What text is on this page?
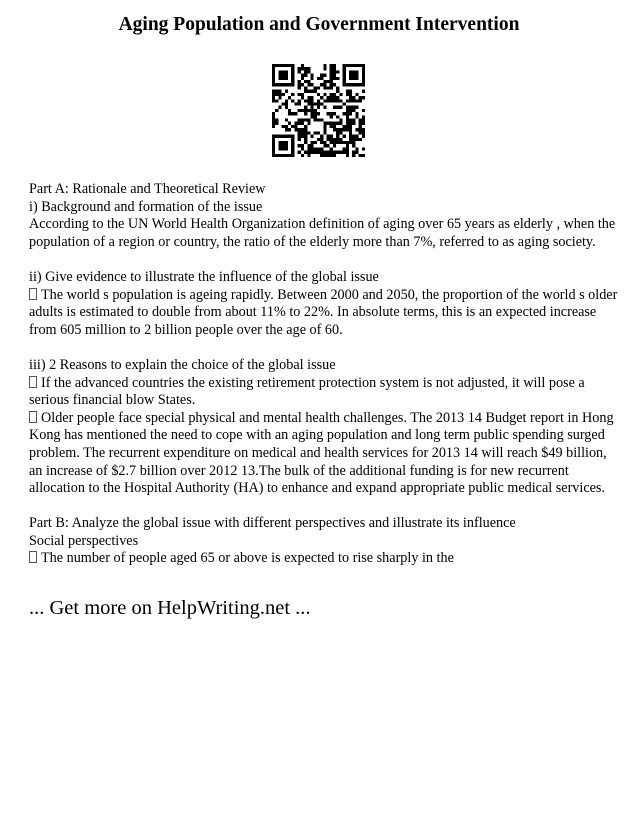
Aging Population and Government Intervention

Part A: Rationale and Theoretical Review

i) Background and formation of the issue

According to the UN World Health Organization definition of aging over 65 years as elderly , when the population of a region or country, the ratio of the elderly more than 7%, referred to as aging society.

ii) Give evidence to illustrate the influence of the global issue

The world s population is ageing rapidly. Between 2000 and 2050, the proportion of the world s older adults is estimated to double from about 11% to 22%. In absolute terms, this is an expected increase from 605 million to 2 billion people over the age of 60.

iii) 2 Reasons to explain the choice of the global issue

If the advanced countries the existing retirement protection system is not adjusted, it will pose a serious financial blow States.

Older people face special physical and mental health challenges. The 2013 14 Budget report in Hong Kong has mentioned the need to cope with an aging population and long term public spending surged problem. The recurrent expenditure on medical and health services for 2013 14 will reach $49 billion, an increase of $2.7 billion over 2012 13.The bulk of the additional funding is for new recurrent allocation to the Hospital Authority (HA) to enhance and expand appropriate public medical services.

Part B: Analyze the global issue with different perspectives and illustrate its influence

Social perspectives

The number of people aged 65 or above is expected to rise sharply in the

... Get more on HelpWriting.net ...
